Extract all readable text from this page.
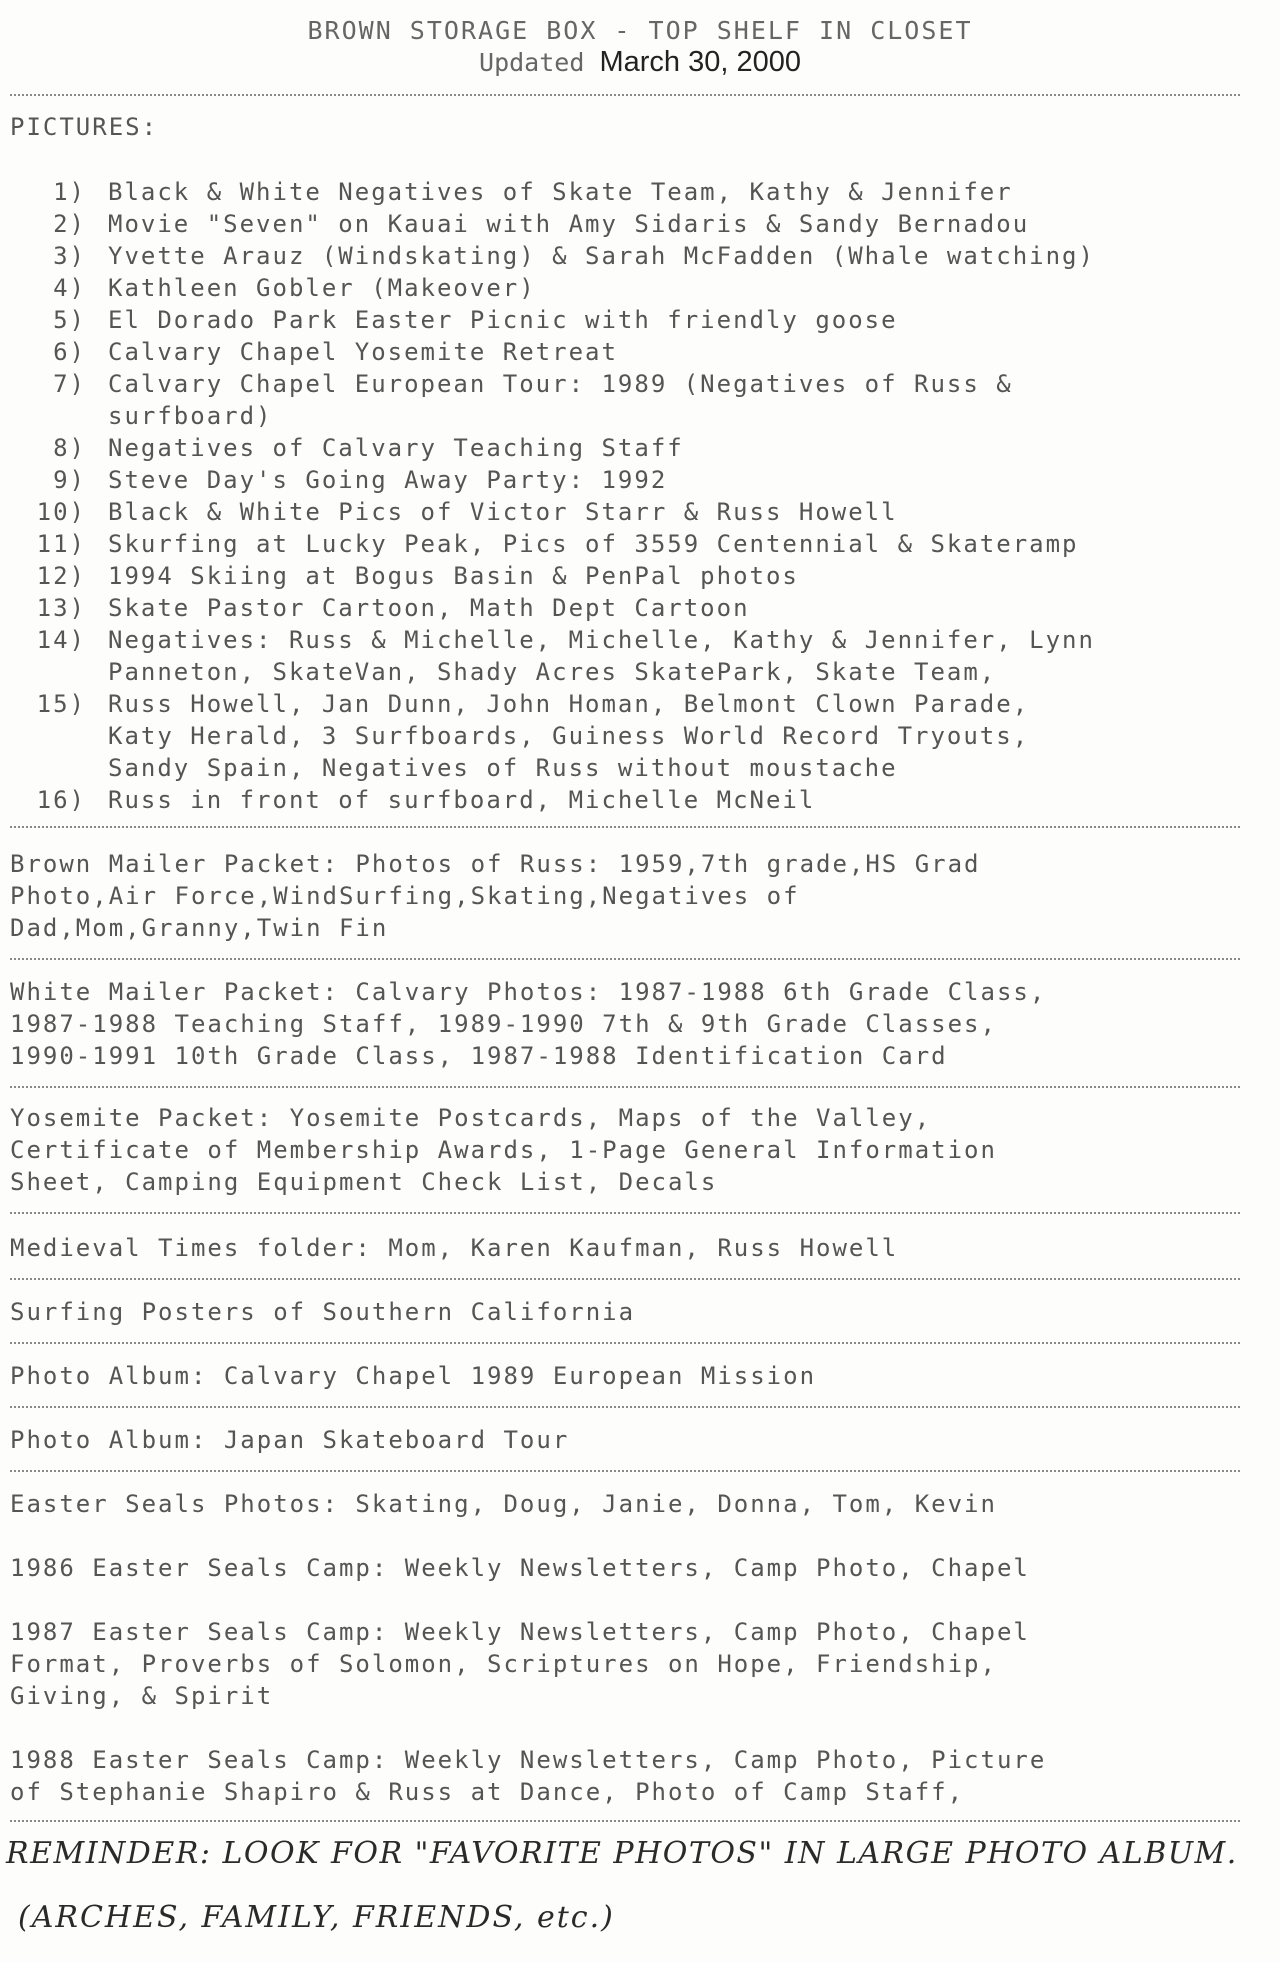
BROWN STORAGE BOX - TOP SHELF IN CLOSET
Updated March 30, 2000
PICTURES:
1) Black & White Negatives of Skate Team, Kathy & Jennifer
2) Movie "Seven" on Kauai with Amy Sidaris & Sandy Bernadou
3) Yvette Arauz (Windskating) & Sarah McFadden (Whale watching)
4) Kathleen Gobler (Makeover)
5) El Dorado Park Easter Picnic with friendly goose
6) Calvary Chapel Yosemite Retreat
7) Calvary Chapel European Tour: 1989 (Negatives of Russ &
surfboard)
8) Negatives of Calvary Teaching Staff
9) Steve Day's Going Away Party: 1992
10) Black & White Pics of Victor Starr & Russ Howell
11) Skurfing at Lucky Peak, Pics of 3559 Centennial & Skateramp
12) 1994 Skiing at Bogus Basin & PenPal photos
13) Skate Pastor Cartoon, Math Dept Cartoon
14) Negatives: Russ & Michelle, Michelle, Kathy & Jennifer, Lynn
Panneton, SkateVan, Shady Acres SkatePark, Skate Team,
15) Russ Howell, Jan Dunn, John Homan, Belmont Clown Parade,
Katy Herald, 3 Surfboards, Guiness World Record Tryouts,
Sandy Spain, Negatives of Russ without moustache
16) Russ in front of surfboard, Michelle McNeil
Brown Mailer Packet: Photos of Russ: 1959,7th grade,HS Grad
Photo,Air Force,WindSurfing,Skating,Negatives of
Dad,Mom,Granny,Twin Fin
White Mailer Packet: Calvary Photos: 1987-1988 6th Grade Class,
1987-1988 Teaching Staff, 1989-1990 7th & 9th Grade Classes,
1990-1991 10th Grade Class, 1987-1988 Identification Card
Yosemite Packet: Yosemite Postcards, Maps of the Valley,
Certificate of Membership Awards, 1-Page General Information
Sheet, Camping Equipment Check List, Decals
Medieval Times folder: Mom, Karen Kaufman, Russ Howell
Surfing Posters of Southern California
Photo Album: Calvary Chapel 1989 European Mission
Photo Album: Japan Skateboard Tour
Easter Seals Photos: Skating, Doug, Janie, Donna, Tom, Kevin
1986 Easter Seals Camp: Weekly Newsletters, Camp Photo, Chapel
1987 Easter Seals Camp: Weekly Newsletters, Camp Photo, Chapel
Format, Proverbs of Solomon, Scriptures on Hope, Friendship,
Giving, & Spirit
1988 Easter Seals Camp: Weekly Newsletters, Camp Photo, Picture
of Stephanie Shapiro & Russ at Dance, Photo of Camp Staff,
REMINDER: LOOK FOR "FAVORITE PHOTOS" IN LARGE PHOTO ALBUM.
(ARCHES, FAMILY, FRIENDS, etc.)
